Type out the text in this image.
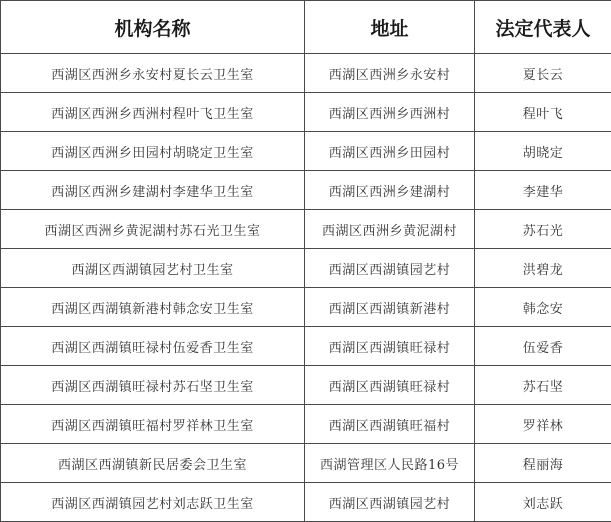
机构名称	地址	法定代表人
西湖区西洲乡永安村夏长云卫生室	西湖区西洲乡永安村	夏长云
西湖区西洲乡西洲村程叶飞卫生室	西湖区西洲乡西洲村	程叶飞
西湖区西洲乡田园村胡晓定卫生室	西湖区西洲乡田园村	胡晓定
西湖区西洲乡建湖村李建华卫生室	西湖区西洲乡建湖村	李建华
西湖区西洲乡黄泥湖村苏石光卫生室	西湖区西洲乡黄泥湖村	苏石光
西湖区西湖镇园艺村卫生室	西湖区西湖镇园艺村	洪碧龙
西湖区西湖镇新港村韩念安卫生室	西湖区西湖镇新港村	韩念安
西湖区西湖镇旺禄村伍爱香卫生室	西湖区西湖镇旺禄村	伍爱香
西湖区西湖镇旺禄村苏石坚卫生室	西湖区西湖镇旺禄村	苏石坚
西湖区西湖镇旺福村罗祥林卫生室	西湖区西湖镇旺福村	罗祥林
西湖区西湖镇新民居委会卫生室	西湖管理区人民路16号	程丽海
西湖区西湖镇园艺村刘志跃卫生室	西湖区西湖镇园艺村	刘志跃
